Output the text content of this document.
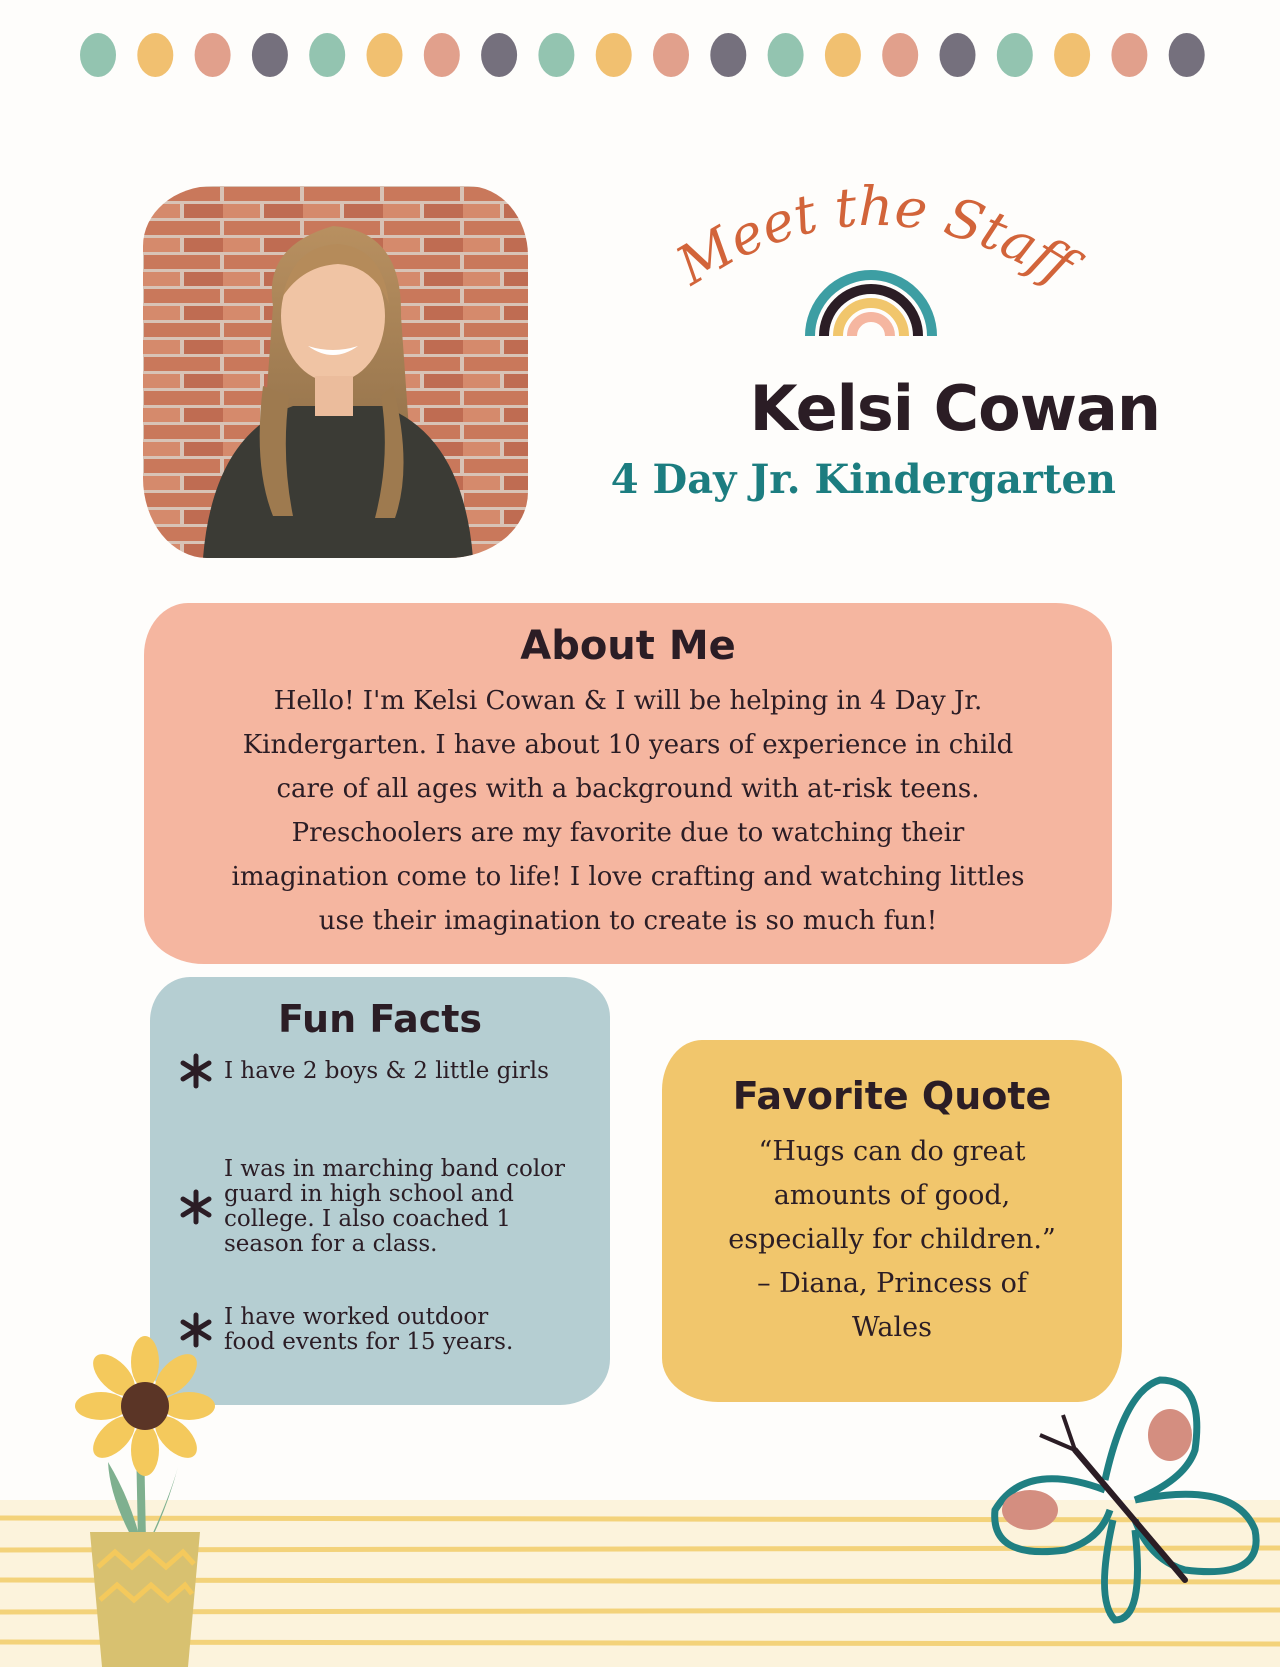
Meet the Staff
Kelsi Cowan
4 Day Jr. Kindergarten
About Me
Hello! I'm Kelsi Cowan & I will be helping in 4 Day Jr.
Kindergarten. I have about 10 years of experience in child
care of all ages with a background with at-risk teens.
Preschoolers are my favorite due to watching their
imagination come to life! I love crafting and watching littles
use their imagination to create is so much fun!
Fun Facts
I have 2 boys & 2 little girls
I was in marching band color
guard in high school and
college. I also coached 1
season for a class.
I have worked outdoor
food events for 15 years.
Favorite Quote

“Hugs can do great

amounts of good,

especially for children.”

– Diana, Princess of

Wales
